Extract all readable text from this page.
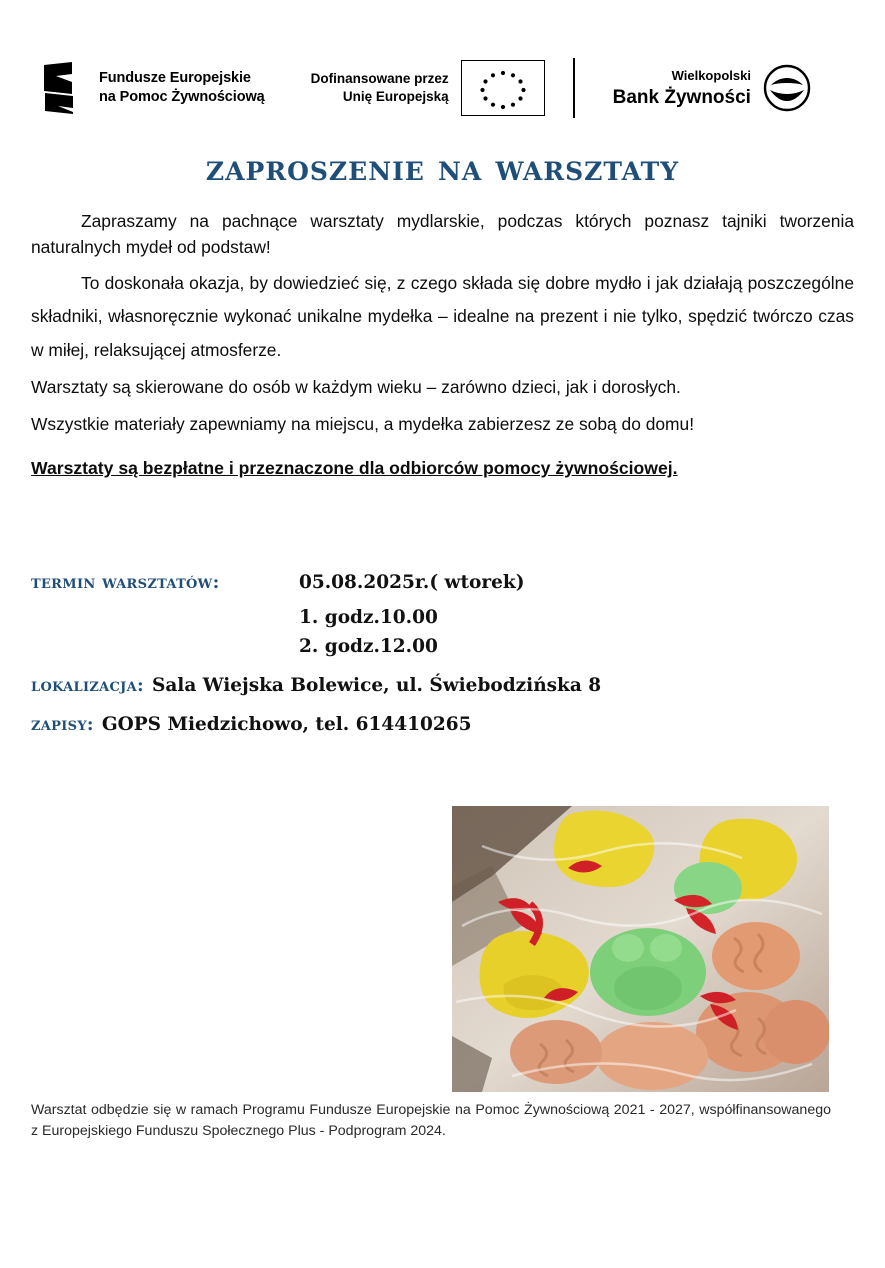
Fundusze Europejskie
na Pomoc Żywnościową
Dofinansowane przez
Unię Europejską
Wielkopolski
Bank Żywności
zaproszenie na warsztaty

Zapraszamy na pachnące warsztaty mydlarskie, podczas których poznasz tajniki tworzenia naturalnych mydeł od podstaw!

To doskonała okazja, by dowiedzieć się, z czego składa się dobre mydło i jak działają poszczególne składniki, własnoręcznie wykonać unikalne mydełka – idealne na prezent i nie tylko, spędzić twórczo czas w miłej, relaksującej atmosferze.

Warsztaty są skierowane do osób w każdym wieku – zarówno dzieci, jak i dorosłych.

Wszystkie materiały zapewniamy na miejscu, a mydełka zabierzesz ze sobą do domu!

Warsztaty są bezpłatne i przeznaczone dla odbiorców pomocy żywnościowej.

termin warsztatów:	05.08.2025r.( wtorek)
1. godz.10.00
2. godz.12.00
lokalizacja: Sala Wiejska Bolewice, ul. Świebodzińska 8
zapisy: GOPS Miedzichowo, tel. 614410265
Warsztat odbędzie się w ramach Programu Fundusze Europejskie na Pomoc Żywnościową 2021 - 2027, współfinansowanego z Europejskiego Funduszu Społecznego Plus - Podprogram 2024.
